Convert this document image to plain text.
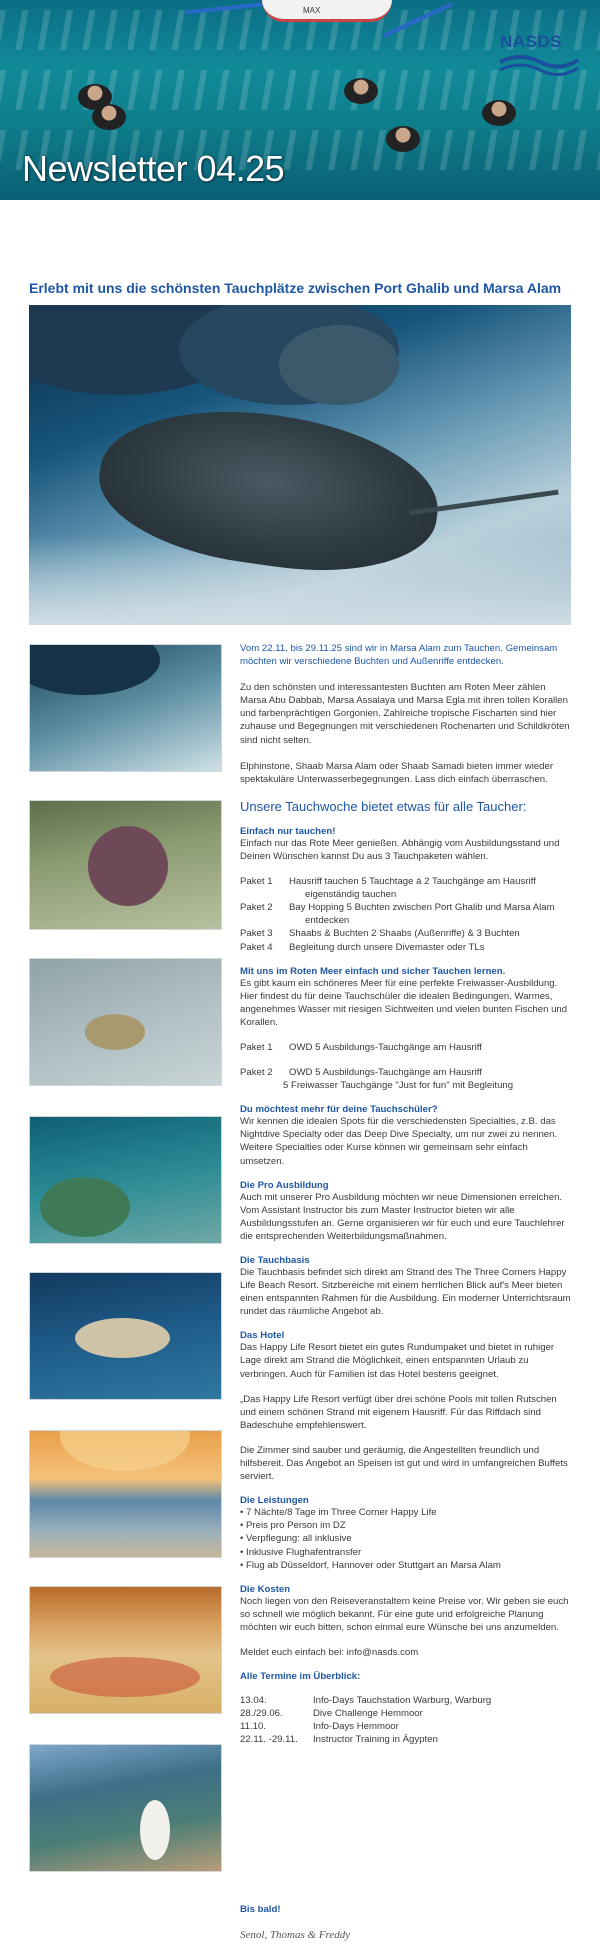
MAX
NASDS
Newsletter 04.25
Erlebt mit uns die schönsten Tauchplätze zwischen Port Ghalib und Marsa Alam

Vom 22.11. bis 29.11.25 sind wir in Marsa Alam zum Tauchen. Gemeinsam möchten wir verschiedene Buchten und Außenriffe entdecken.

Zu den schönsten und interessantesten Buchten am Roten Meer zählen Marsa Abu Dabbab, Marsa Assalaya und Marsa Egla mit ihren tollen Korallen und farbenprächtigen Gorgonien. Zahlreiche tropische Fischarten sind hier zuhause und Begegnungen mit verschiedenen Rochenarten und Schildkröten sind nicht selten.

Elphinstone, Shaab Marsa Alam oder Shaab Samadi bieten immer wieder spektakuläre Unterwasserbegegnungen. Lass dich einfach überraschen.

Unsere Tauchwoche bietet etwas für alle Taucher:
Einfach nur tauchen!
Einfach nur das Rote Meer genießen. Abhängig vom Ausbildungsstand und
Deinen Wünschen kannst Du aus 3 Tauchpaketen wählen.
Paket 1	Hausriff tauchen 5 Tauchtage á 2 Tauchgänge am Hausriff
eigenständig tauchen
Paket 2	Bay Hopping 5 Buchten zwischen Port Ghalib und Marsa Alam
entdecken
Paket 3	Shaabs & Buchten 2 Shaabs (Außenriffe) & 3 Buchten
Paket 4	Begleitung durch unsere Divemaster oder TLs
Mit uns im Roten Meer einfach und sicher Tauchen lernen.

Es gibt kaum ein schöneres Meer für eine perfekte Freiwasser-Ausbildung. Hier findest du für deine Tauchschüler die idealen Bedingungen. Warmes, angenehmes Wasser mit riesigen Sichtweiten und vielen bunten Fischen und Korallen.

Paket 1	OWD 5 Ausbildungs-Tauchgänge am Hausriff
Paket 2	OWD 5 Ausbildungs-Tauchgänge am Hausriff
5 Freiwasser Tauchgänge "Just for fun" mit Begleitung
Du möchtest mehr für deine Tauchschüler?
Wir kennen die idealen Spots für die verschiedensten Specialties, z.B. das Nightdive Specialty oder das Deep Dive Specialty, um nur zwei zu nennen. Weitere Specialties oder Kurse können wir gemeinsam sehr einfach umsetzen.
Die Pro Ausbildung
Auch mit unserer Pro Ausbildung möchten wir neue Dimensionen erreichen. Vom Assistant Instructor bis zum Master Instructor bieten wir alle Ausbildungsstufen an. Gerne organisieren wir für euch und eure Tauchlehrer die entsprechenden Weiterbildungsmaßnahmen.
Die Tauchbasis
Die Tauchbasis befindet sich direkt am Strand des The Three Corners Happy Life Beach Resort. Sitzbereiche mit einem herrlichen Blick auf's Meer bieten einen entspannten Rahmen für die Ausbildung. Ein moderner Unterrichtsraum rundet das räumliche Angebot ab.
Das Hotel

Das Happy Life Resort bietet ein gutes Rundumpaket und bietet in ruhiger Lage direkt am Strand die Möglichkeit, einen entspannten Urlaub zu verbringen. Auch für Familien ist das Hotel bestens geeignet.

„Das Happy Life Resort verfügt über drei schöne Pools mit tollen Rutschen und einem schönen Strand mit eigenem Hausriff. Für das Riffdach sind Badeschuhe empfehlenswert.

Die Zimmer sind sauber und geräumig, die Angestellten freundlich und hilfsbereit. Das Angebot an Speisen ist gut und wird in umfangreichen Buffets serviert.

Die Leistungen
• 7 Nächte/8 Tage im Three Corner Happy Life
• Preis pro Person im DZ
• Verpflegung: all inklusive
• Inklusive Flughafentransfer
• Flug ab Düsseldorf, Hannover oder Stuttgart an Marsa Alam
Die Kosten

Noch liegen von den Reiseveranstaltern keine Preise vor. Wir geben sie euch so schnell wie möglich bekannt. Für eine gute und erfolgreiche Planung möchten wir euch bitten, schon einmal eure Wünsche bei uns anzumelden.

Meldet euch einfach bei: info@nasds.com

Alle Termine im Überblick:
13.04.	Info-Days Tauchstation Warburg, Warburg
28./29.06.	Dive Challenge Hemmoor
11.10.	Info-Days Hemmoor
22.11. -29.11.	Instructor Training in Ägypten
Bis bald!
Senol, Thomas & Freddy
